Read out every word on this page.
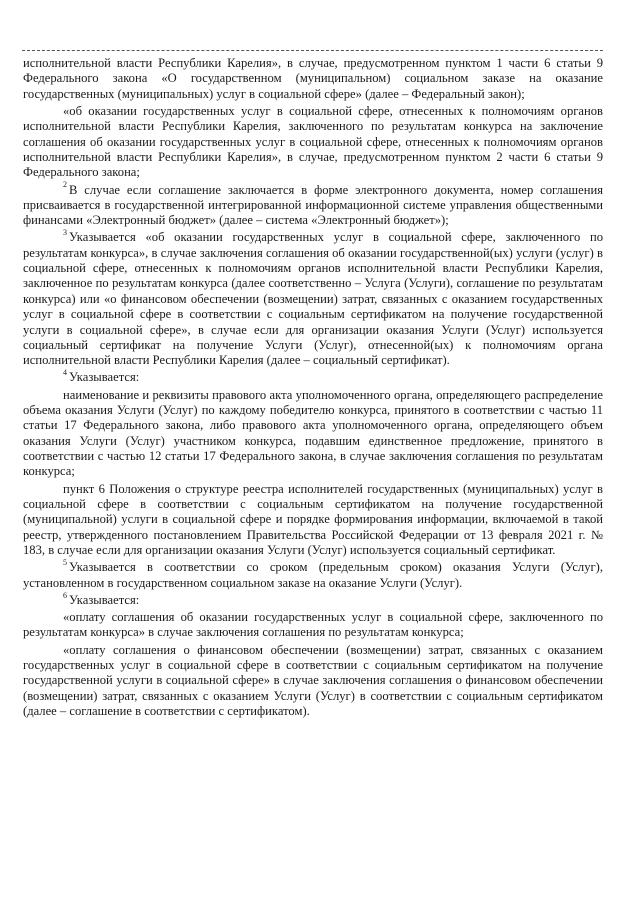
исполнительной власти Республики Карелия», в случае, предусмотренном пунктом 1 части 6 статьи 9 Федерального закона «О государственном (муниципальном) социальном заказе на оказание государственных (муниципальных) услуг в социальной сфере» (далее – Федеральный закон);

«об оказании государственных услуг в социальной сфере, отнесенных к полномочиям органов исполнительной власти Республики Карелия, заключенного по результатам конкурса на заключение соглашения об оказании государственных услуг в социальной сфере, отнесенных к полномочиям органов исполнительной власти Республики Карелия», в случае, предусмотренном пунктом 2 части 6 статьи 9 Федерального закона;

$^2$ В случае если соглашение заключается в форме электронного документа, номер соглашения присваивается в государственной интегрированной информационной системе управления общественными финансами «Электронный бюджет» (далее – система «Электронный бюджет»);

$^3$ Указывается «об оказании государственных услуг в социальной сфере, заключенного по результатам конкурса», в случае заключения соглашения об оказании государственной(ых) услуги (услуг) в социальной сфере, отнесенных к полномочиям органов исполнительной власти Республики Карелия, заключенное по результатам конкурса (далее соответственно – Услуга (Услуги), соглашение по результатам конкурса) или «о финансовом обеспечении (возмещении) затрат, связанных с оказанием государственных услуг в социальной сфере в соответствии с социальным сертификатом на получение государственной услуги в социальной сфере», в случае если для организации оказания Услуги (Услуг) используется социальный сертификат на получение Услуги (Услуг), отнесенной(ых) к полномочиям органа исполнительной власти Республики Карелия (далее – социальный сертификат).

$^4$ Указывается:

наименование и реквизиты правового акта уполномоченного органа, определяющего распределение объема оказания Услуги (Услуг) по каждому победителю конкурса, принятого в соответствии с частью 11 статьи 17 Федерального закона, либо правового акта уполномоченного органа, определяющего объем оказания Услуги (Услуг) участником конкурса, подавшим единственное предложение, принятого в соответствии с частью 12 статьи 17 Федерального закона, в случае заключения соглашения по результатам конкурса;

пункт 6 Положения о структуре реестра исполнителей государственных (муниципальных) услуг в социальной сфере в соответствии с социальным сертификатом на получение государственной (муниципальной) услуги в социальной сфере и порядке формирования информации, включаемой в такой реестр, утвержденного постановлением Правительства Российской Федерации от 13 февраля 2021 г. № 183, в случае если для организации оказания Услуги (Услуг) используется социальный сертификат.

$^5$ Указывается в соответствии со сроком (предельным сроком) оказания Услуги (Услуг), установленном в государственном социальном заказе на оказание Услуги (Услуг).

$^6$ Указывается:

«оплату соглашения об оказании государственных услуг в социальной сфере, заключенного по результатам конкурса» в случае заключения соглашения по результатам конкурса;

«оплату соглашения о финансовом обеспечении (возмещении) затрат, связанных с оказанием государственных услуг в социальной сфере в соответствии с социальным сертификатом на получение государственной услуги в социальной сфере» в случае заключения соглашения о финансовом обеспечении (возмещении) затрат, связанных с оказанием Услуги (Услуг) в соответствии с социальным сертификатом (далее – соглашение в соответствии с сертификатом).
